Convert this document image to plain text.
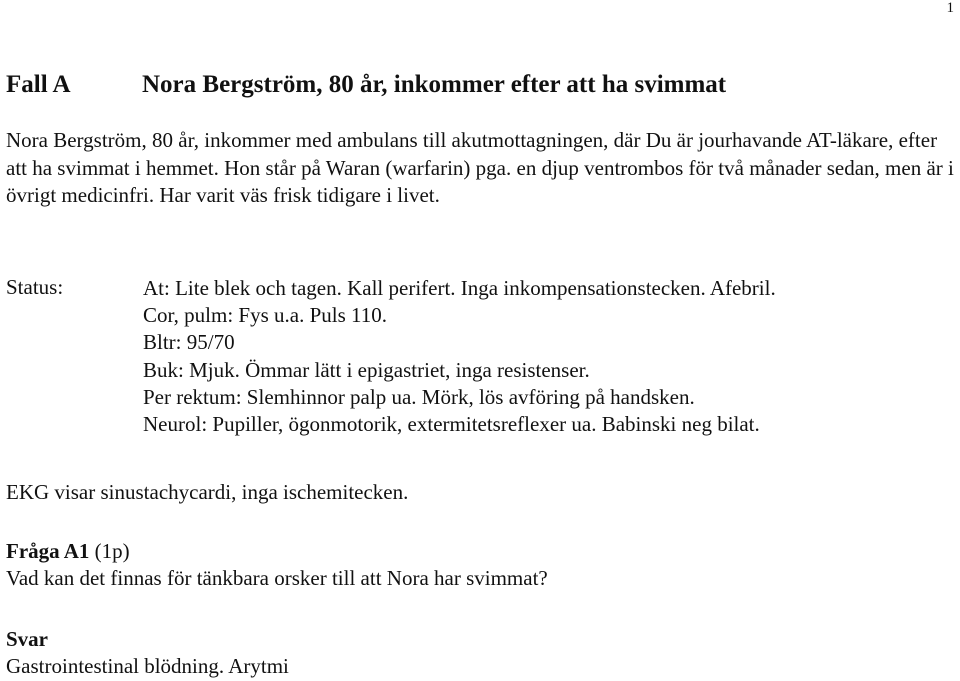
1
Fall A	Nora Bergström, 80 år, inkommer efter att ha svimmat
Nora Bergström, 80 år, inkommer med ambulans till akutmottagningen, där Du är jourhavande AT-läkare, efter att ha svimmat i hemmet. Hon står på Waran (warfarin) pga. en djup ventrombos för två månader sedan, men är i övrigt medicinfri. Har varit väs frisk tidigare i livet.
Status:	At: Lite blek och tagen. Kall perifert. Inga inkompensationstecken. Afebril.
Cor, pulm: Fys u.a. Puls 110.
Bltr: 95/70
Buk: Mjuk. Ömmar lätt i epigastriet, inga resistenser.
Per rektum: Slemhinnor palp ua. Mörk, lös avföring på handsken.
Neurol: Pupiller, ögonmotorik, extermitetsreflexer ua. Babinski neg bilat.
EKG visar sinustachycardi, inga ischemitecken.
Fråga A1 (1p)
Vad kan det finnas för tänkbara orsker till att Nora har svimmat?
Svar
Gastrointestinal blödning. Arytmi
